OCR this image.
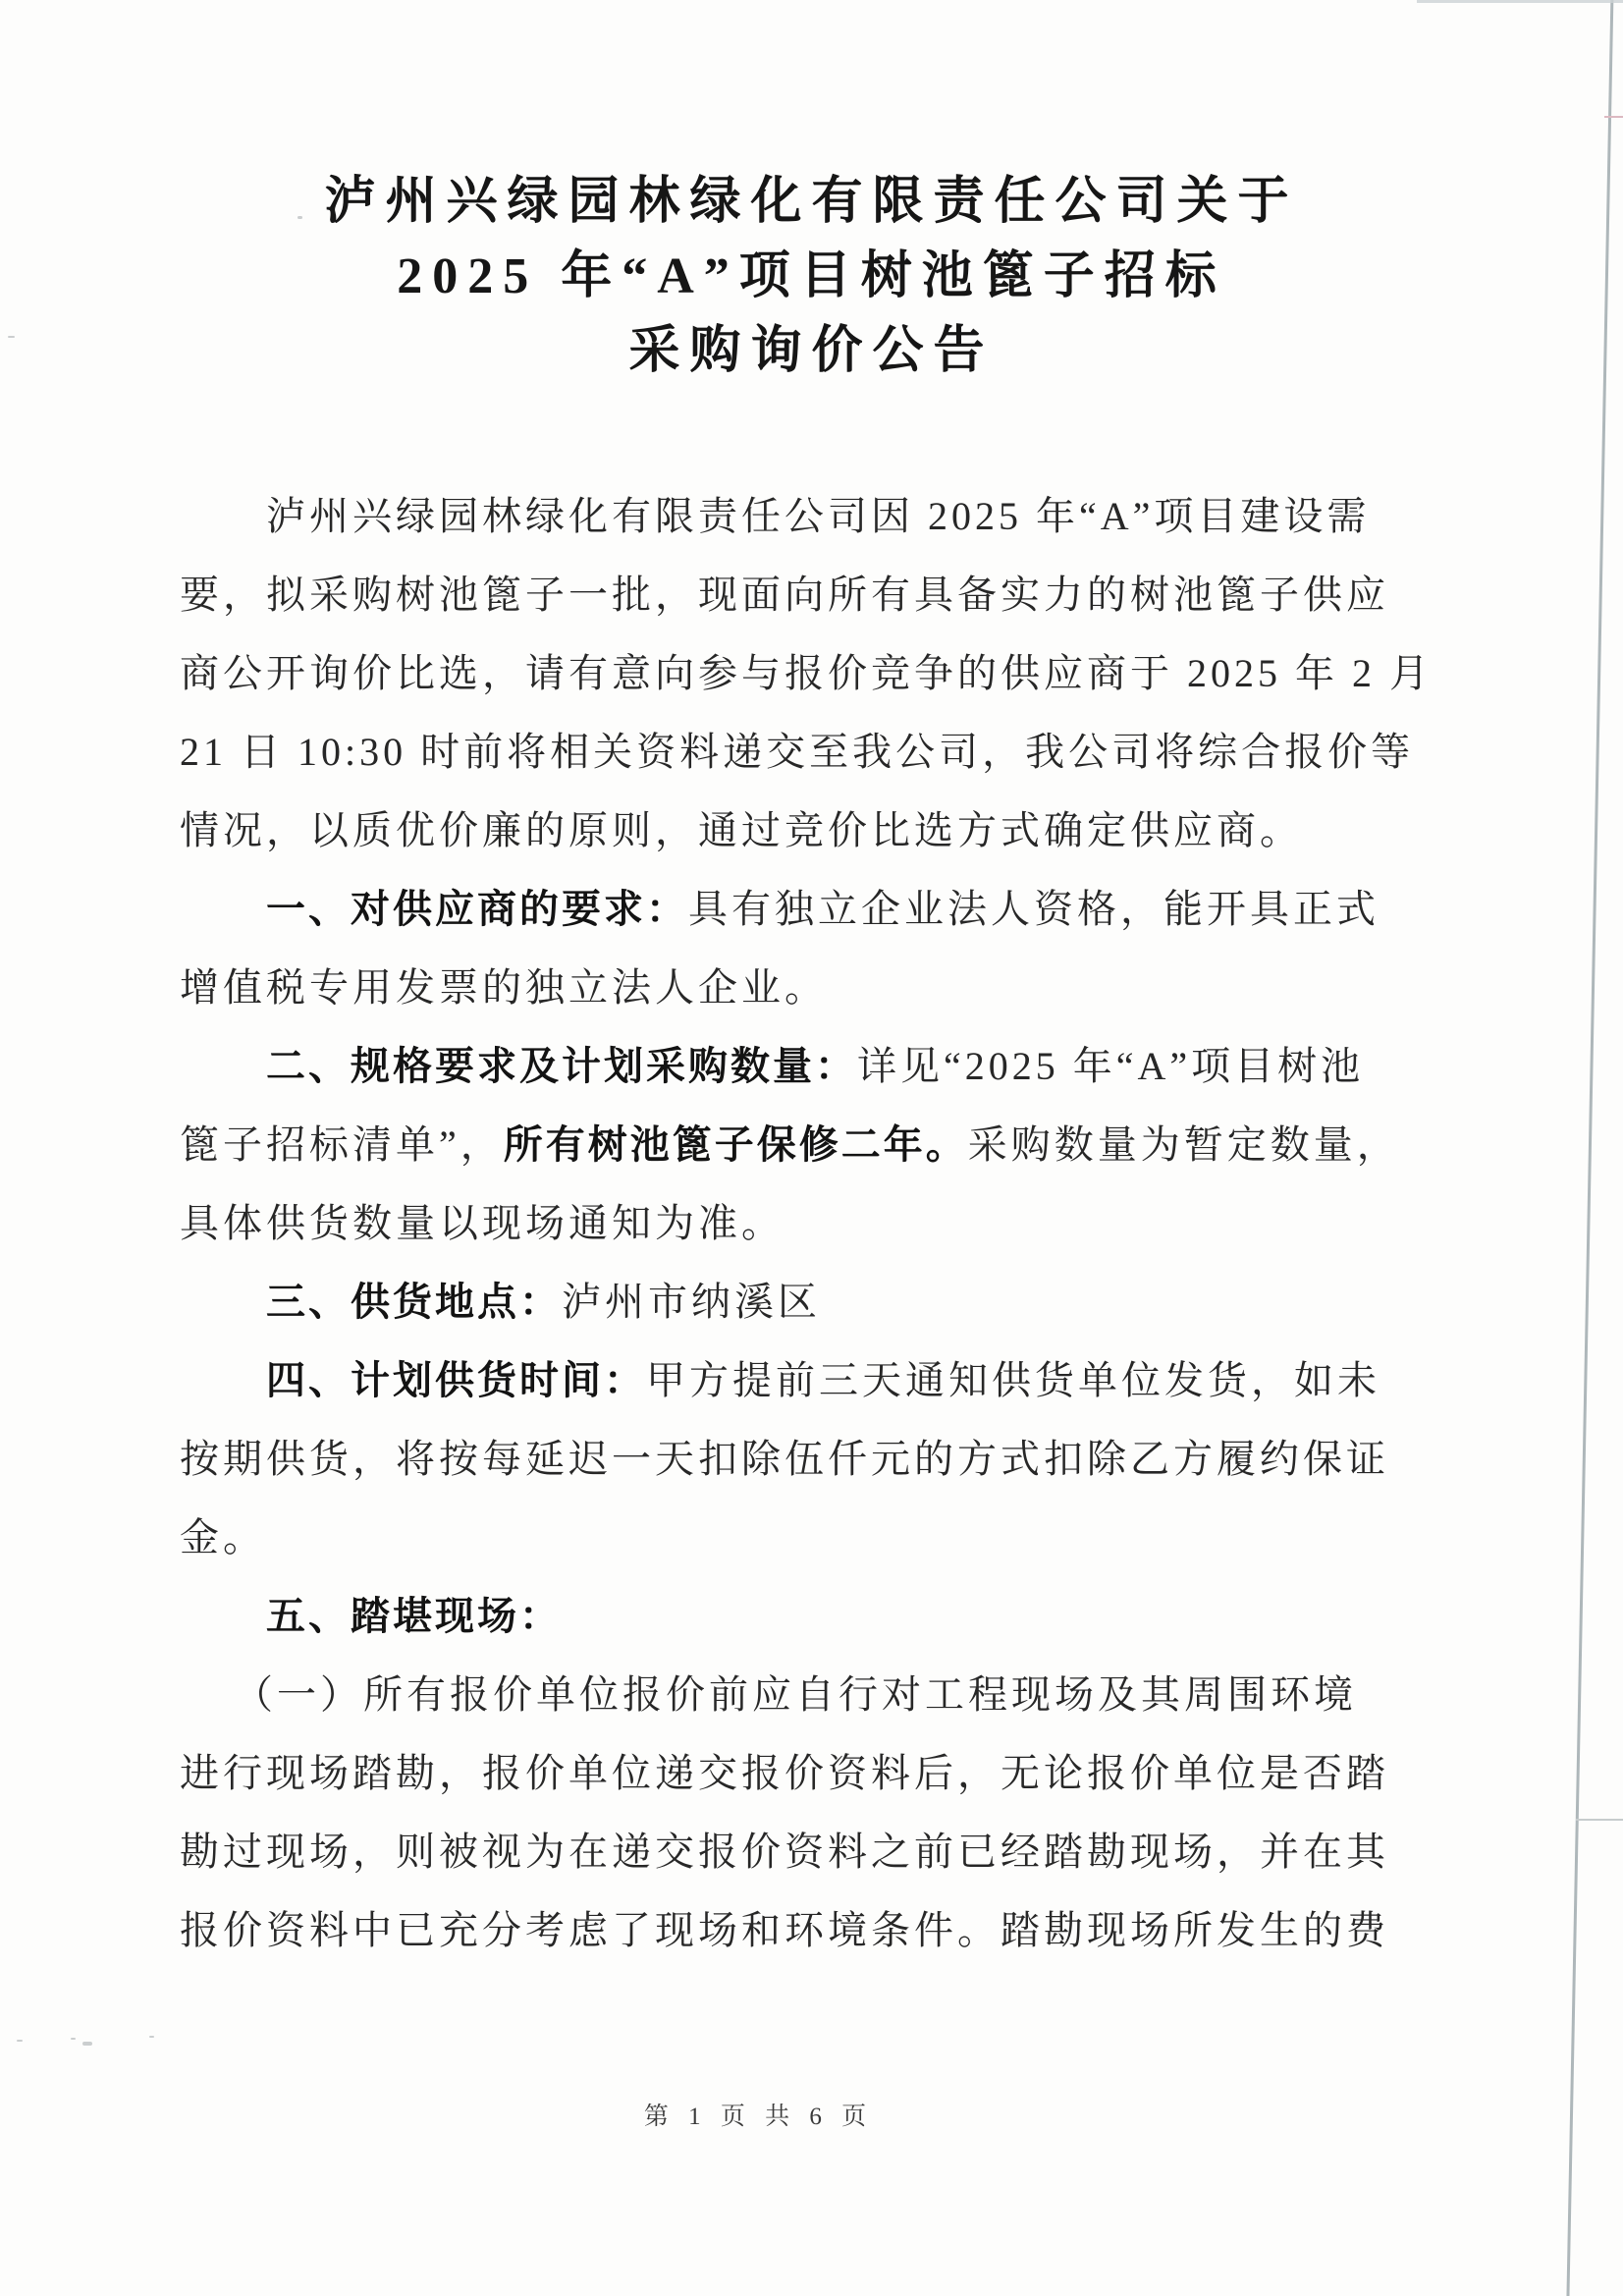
泸州兴绿园林绿化有限责任公司关于

2025 年“A”项目树池篦子招标

采购询价公告

泸州兴绿园林绿化有限责任公司因 2025 年“A”项目建设需

要，拟采购树池篦子一批，现面向所有具备实力的树池篦子供应

商公开询价比选，请有意向参与报价竞争的供应商于 2025 年 2 月

21 日 10:30 时前将相关资料递交至我公司，我公司将综合报价等

情况，以质优价廉的原则，通过竞价比选方式确定供应商。

一、对供应商的要求：具有独立企业法人资格，能开具正式

增值税专用发票的独立法人企业。

二、规格要求及计划采购数量：详见“2025 年“A”项目树池

篦子招标清单”，所有树池篦子保修二年。采购数量为暂定数量，

具体供货数量以现场通知为准。

三、供货地点：泸州市纳溪区

四、计划供货时间：甲方提前三天通知供货单位发货，如未

按期供货，将按每延迟一天扣除伍仟元的方式扣除乙方履约保证

金。

五、踏堪现场：

（一）所有报价单位报价前应自行对工程现场及其周围环境

进行现场踏勘，报价单位递交报价资料后，无论报价单位是否踏

勘过现场，则被视为在递交报价资料之前已经踏勘现场，并在其

报价资料中已充分考虑了现场和环境条件。踏勘现场所发生的费

第 1 页 共 6 页
